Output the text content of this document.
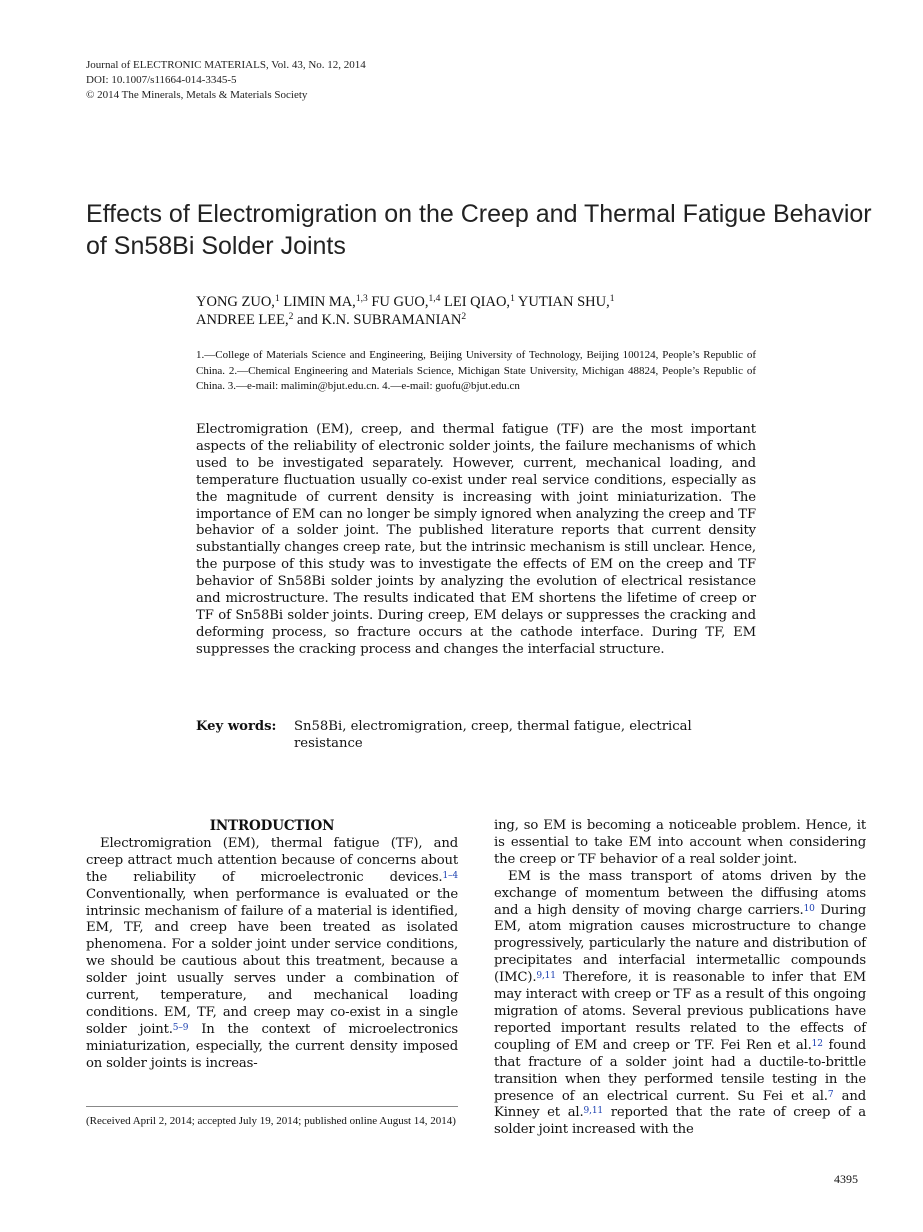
Journal of ELECTRONIC MATERIALS, Vol. 43, No. 12, 2014
DOI: 10.1007/s11664-014-3345-5
© 2014 The Minerals, Metals & Materials Society
Effects of Electromigration on the Creep and Thermal Fatigue Behavior of Sn58Bi Solder Joints
YONG ZUO,$^1$ LIMIN MA,$^{1,3}$ FU GUO,$^{1,4}$ LEI QIAO,$^1$ YUTIAN SHU,$^1$
ANDREE LEE,$^2$ and K.N. SUBRAMANIAN$^2$
1.—College of Materials Science and Engineering, Beijing University of Technology, Beijing 100124, People’s Republic of China. 2.—Chemical Engineering and Materials Science, Michigan State University, Michigan 48824, People’s Republic of China. 3.—e-mail: malimin@bjut.edu.cn. 4.—e-mail: guofu@bjut.edu.cn
Electromigration (EM), creep, and thermal fatigue (TF) are the most important aspects of the reliability of electronic solder joints, the failure mechanisms of which used to be investigated separately. However, current, mechanical loading, and temperature fluctuation usually co-exist under real service conditions, especially as the magnitude of current density is increasing with joint miniaturization. The importance of EM can no longer be simply ignored when analyzing the creep and TF behavior of a solder joint. The published literature reports that current density substantially changes creep rate, but the intrinsic mechanism is still unclear. Hence, the purpose of this study was to investigate the effects of EM on the creep and TF behavior of Sn58Bi solder joints by analyzing the evolution of electrical resistance and microstructure. The results indicated that EM shortens the lifetime of creep or TF of Sn58Bi solder joints. During creep, EM delays or suppresses the cracking and deforming process, so fracture occurs at the cathode interface. During TF, EM suppresses the cracking process and changes the interfacial structure.
Key words: Sn58Bi, electromigration, creep, thermal fatigue, electrical resistance
INTRODUCTION

Electromigration (EM), thermal fatigue (TF), and creep attract much attention because of concerns about the reliability of microelectronic devices.$^{1-4}$ Conventionally, when performance is evaluated or the intrinsic mechanism of failure of a material is identified, EM, TF, and creep have been treated as isolated phenomena. For a solder joint under service conditions, we should be cautious about this treatment, because a solder joint usually serves under a combination of current, temperature, and mechanical loading conditions. EM, TF, and creep may co-exist in a single solder joint.$^{5-9}$ In the context of microelectronics miniaturization, especially, the current density imposed on solder joints is increas-

ing, so EM is becoming a noticeable problem. Hence, it is essential to take EM into account when considering the creep or TF behavior of a real solder joint.

EM is the mass transport of atoms driven by the exchange of momentum between the diffusing atoms and a high density of moving charge carriers.$^{10}$ During EM, atom migration causes microstructure to change progressively, particularly the nature and distribution of precipitates and interfacial intermetallic compounds (IMC).$^{9,11}$ Therefore, it is reasonable to infer that EM may interact with creep or TF as a result of this ongoing migration of atoms. Several previous publications have reported important results related to the effects of coupling of EM and creep or TF. Fei Ren et al.$^{12}$ found that fracture of a solder joint had a ductile-to-brittle transition when they performed tensile testing in the presence of an electrical current. Su Fei et al.$^7$ and Kinney et al.$^{9,11}$ reported that the rate of creep of a solder joint increased with the

(Received April 2, 2014; accepted July 19, 2014; published online August 14, 2014)
4395
